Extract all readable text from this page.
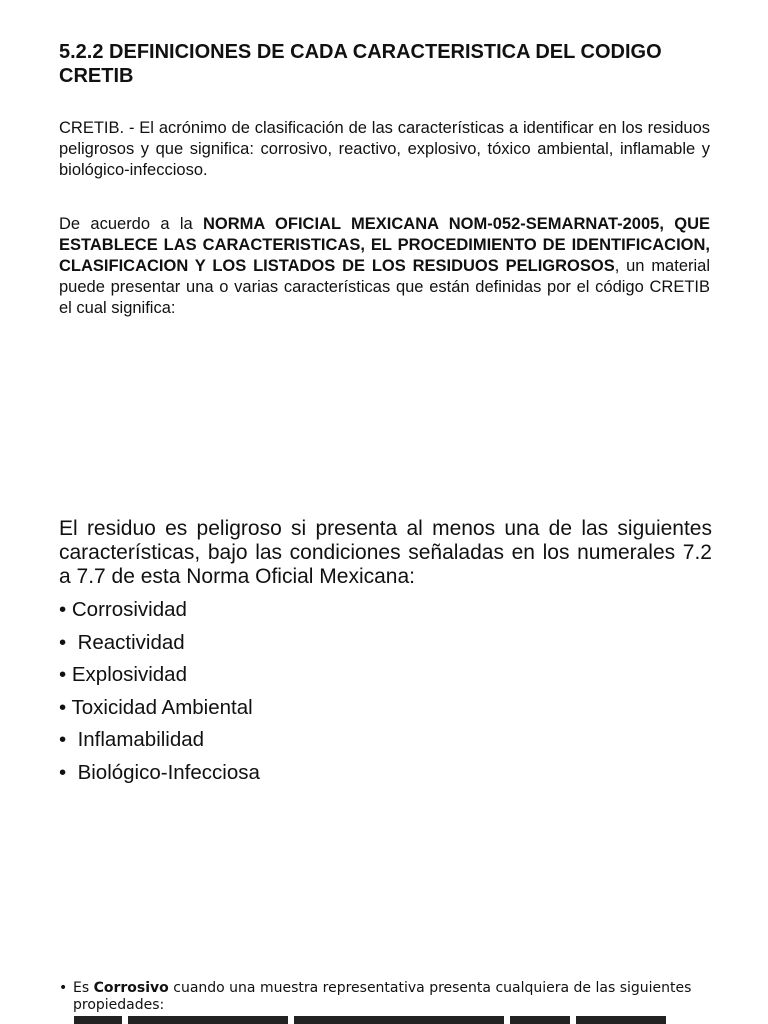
5.2.2 DEFINICIONES DE CADA CARACTERISTICA DEL CODIGO CRETIB

CRETIB. - El acrónimo de clasificación de las características a identificar en los residuos peligrosos y que significa: corrosivo, reactivo, explosivo, tóxico ambiental, inflamable y biológico-infeccioso.

De acuerdo a la NORMA OFICIAL MEXICANA NOM-052-SEMARNAT-2005, QUE ESTABLECE LAS CARACTERISTICAS, EL PROCEDIMIENTO DE IDENTIFICACION, CLASIFICACION Y LOS LISTADOS DE LOS RESIDUOS PELIGROSOS, un material puede presentar una o varias características que están definidas por el código CRETIB el cual significa:

El residuo es peligroso si presenta al menos una de las siguientes características, bajo las condiciones señaladas en los numerales 7.2 a 7.7 de esta Norma Oficial Mexicana:

• Corrosividad
•  Reactividad
• Explosividad
• Toxicidad Ambiental
•  Inflamabilidad
•  Biológico-Infecciosa
• Es Corrosivo cuando una muestra representativa presenta cualquiera de las siguientes propiedades:
